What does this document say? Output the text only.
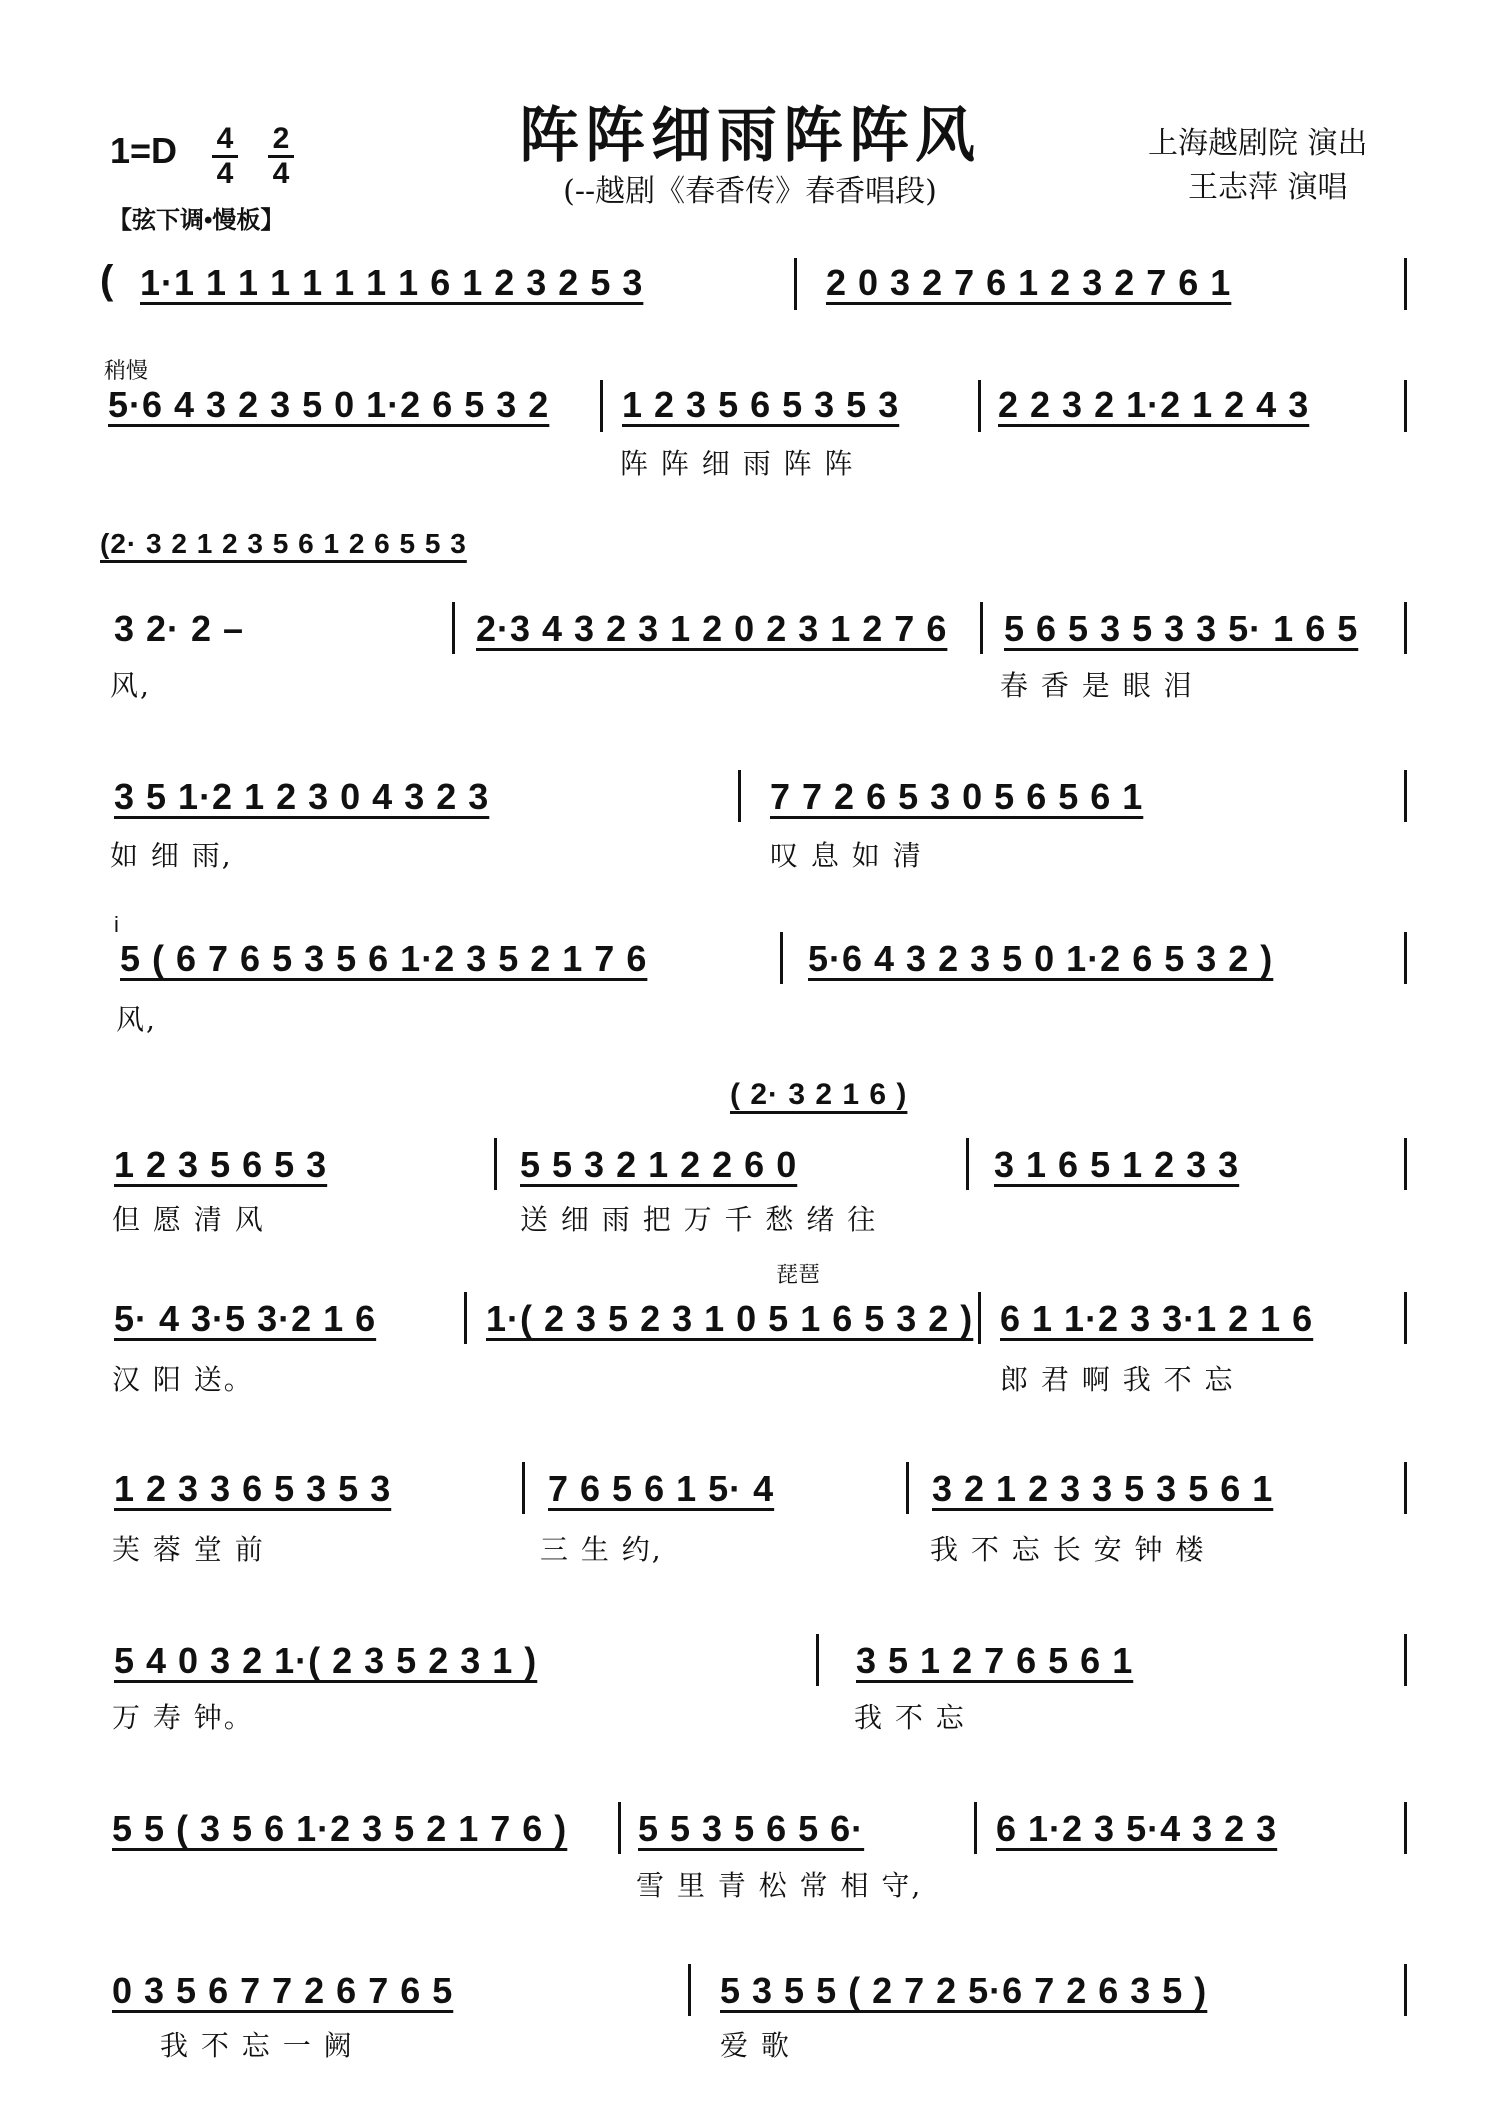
阵阵细雨阵阵风
(--越剧《春香传》春香唱段)
上海越剧院 演出
王志萍 演唱
1=D 4
4
2
4
【弦下调•慢板】
( 1·1 1 1 1 1 1 1 1 6 1 2 3 2 5 3	2 0 3 2 7 6 1 2 3 2 7 6 1
稍慢
5·6 4 3 2 3 5 0 1·2 6 5 3 2 1 2 3 5 6 5 3 5 3	2 2 3 2 1·2 1 2 4 3
阵 阵 细 雨 阵 阵
(2· 3 2 1 2 3 5 6 1 2 6 5 5 3
3 2· 2 –	2·3 4 3 2 3 1 2 0 2 3 1 2 7 6 5 6 5 3 5 3 3 5· 1 6 5
风,	春 香 是 眼 泪
3 5 1·2 1 2 3 0 4 3 2 3	7 7 2 6 5 3 0 5 6 5 6 1
如 细 雨,	叹 息 如 清
i
5 ( 6 7 6 5 3 5 6 1·2 3 5 2 1 7 6	5·6 4 3 2 3 5 0 1·2 6 5 3 2 )
风,
( 2· 3 2 1 6 )
1 2 3 5 6 5 3	5 5 3 2 1 2 2 6 0	3 1 6 5 1 2 3 3
但 愿 清 风	送 细 雨 把 万 千 愁 绪 往
琵琶
5· 4 3·5 3·2 1 6	1·( 2 3 5 2 3 1 0 5 1 6 5 3 2 ) 6 1 1·2 3 3·1 2 1 6
汉 阳 送。	郎 君 啊 我 不 忘
1 2 3 3 6 5 3 5 3	7 6 5 6 1 5· 4	3 2 1 2 3 3 5 3 5 6 1
芙 蓉 堂 前	三 生 约,	我 不 忘 长 安 钟 楼
5 4 0 3 2 1·( 2 3 5 2 3 1 )	3 5 1 2 7 6 5 6 1
万 寿 钟。	我 不 忘
5 5 ( 3 5 6 1·2 3 5 2 1 7 6 ) 5 5 3 5 6 5 6·	6 1·2 3 5·4 3 2 3
雪 里 青 松 常 相 守,
0 3 5 6 7 7 2 6 7 6 5	5 3 5 5 ( 2 7 2 5·6 7 2 6 3 5 )
我 不 忘 一 阙	爱 歌
